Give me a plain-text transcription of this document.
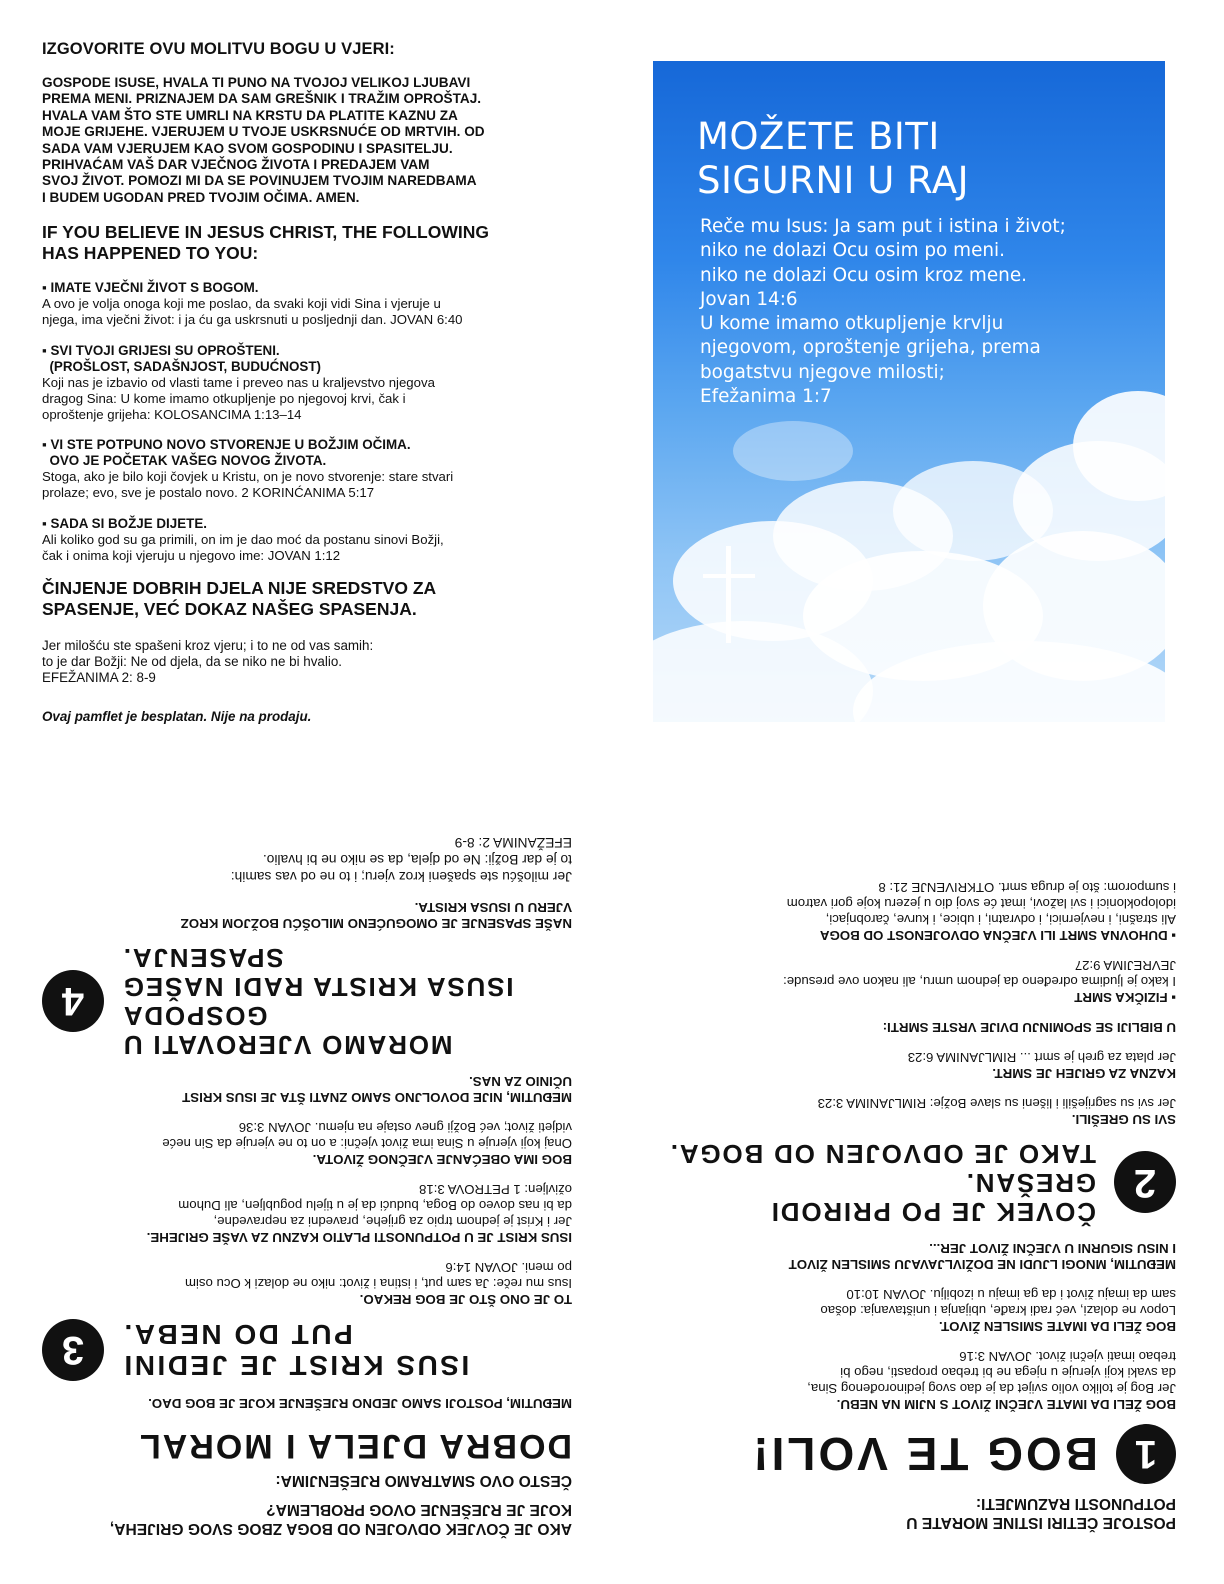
IZGOVORITE OVU MOLITVU BOGU U VJERI:
GOSPODE ISUSE, HVALA TI PUNO NA TVOJOJ VELIKOJ LJUBAVI
PREMA MENI. PRIZNAJEM DA SAM GREŠNIK I TRAŽIM OPROŠTAJ.
HVALA VAM ŠTO STE UMRLI NA KRSTU DA PLATITE KAZNU ZA
MOJE GRIJEHE. VJERUJEM U TVOJE USKRSNUĆE OD MRTVIH. OD
SADA VAM VJERUJEM KAO SVOM GOSPODINU I SPASITELJU.
PRIHVAĆAM VAŠ DAR VJEČNOG ŽIVOTA I PREDAJEM VAM
SVOJ ŽIVOT. POMOZI MI DA SE POVINUJEM TVOJIM NAREDBAMA
I BUDEM UGODAN PRED TVOJIM OČIMA. AMEN.
IF YOU BELIEVE IN JESUS CHRIST, THE FOLLOWING
HAS HAPPENED TO YOU:
▪ IMATE VJEČNI ŽIVOT S BOGOM.
A ovo je volja onoga koji me poslao, da svaki koji vidi Sina i vjeruje u
njega, ima vječni život: i ja ću ga uskrsnuti u posljednji dan. JOVAN 6:40
▪ SVI TVOJI GRIJESI SU OPROŠTENI.
(PROŠLOST, SADAŠNJOST, BUDUĆNOST)
Koji nas je izbavio od vlasti tame i preveo nas u kraljevstvo njegova
dragog Sina: U kome imamo otkupljenje po njegovoj krvi, čak i
oproštenje grijeha: KOLOSANCIMA 1:13–14
▪ VI STE POTPUNO NOVO STVORENJE U BOŽJIM OČIMA.
OVO JE POČETAK VAŠEG NOVOG ŽIVOTA.
Stoga, ako je bilo koji čovjek u Kristu, on je novo stvorenje: stare stvari
prolaze; evo, sve je postalo novo. 2 KORINĆANIMA 5:17
▪ SADA SI BOŽJE DIJETE.
Ali koliko god su ga primili, on im je dao moć da postanu sinovi Božji,
čak i onima koji vjeruju u njegovo ime: JOVAN 1:12
ČINJENJE DOBRIH DJELA NIJE SREDSTVO ZA
SPASENJE, VEĆ DOKAZ NAŠEG SPASENJA.
Jer milošću ste spašeni kroz vjeru; i to ne od vas samih:
to je dar Božji: Ne od djela, da se niko ne bi hvalio.
EFEŽANIMA 2: 8-9
Ovaj pamflet je besplatan. Nije na prodaju.
MOŽETE BITI
SIGURNI U RAJ
Reče mu Isus: Ja sam put i istina i život;
niko ne dolazi Ocu osim po meni.
niko ne dolazi Ocu osim kroz mene.
Jovan 14:6
U kome imamo otkupljenje krvlju
njegovom, oproštenje grijeha, prema
bogatstvu njegove milosti;
Efežanima 1:7
AKO JE ČOVJEK ODVOJEN OD BOGA ZBOG SVOG GRIJEHA,
KOJE JE RJEŠENJE OVOG PROBLEMA?
ČESTO OVO SMATRAMO RJEŠENJIMA:
DOBRA DJELA I MORAL
MEĐUTIM, POSTOJI SAMO JEDNO RJEŠENJE KOJE JE BOG DAO.
ISUS KRIST JE JEDINI
PUT DO NEBA.
3
TO JE ONO ŠTO JE BOG REKAO.
Isus mu reče: Ja sam put, i istina i život: niko ne dolazi k Ocu osim
po meni. JOVAN 14:6
ISUS KRIST JE U POTPUNOSTI PLATIO KAZNU ZA VAŠE GRIJEHE.
Jer i Krist je jednom trpio za grijehe, pravedni za nepravedne,
da bi nas doveo do Boga, budući da je u tijelu pogubljen, ali Duhom
oživljen: 1 PETROVA 3:18
BOG IMA OBEĆANJE VJEČNOG ŽIVOTA.
Onaj koji vjeruje u Sina ima život vječni: a on to ne vjeruje da Sin neće
vidjeti život; već Božji gnev ostaje na njemu. JOVAN 3:36
MEĐUTIM, NIJE DOVOLJNO SAMO ZNATI ŠTA JE ISUS KRIST
UČINIO ZA NAS.
MORAMO VJEROVATI U GOSPODA
ISUSA KRISTA RADI NAŠEG SPASENJA.
4
NAŠE SPASENJE JE OMOGUĆENO MILOŠĆU BOŽJOM KROZ
VJERU U ISUSA KRISTA.
Jer milošću ste spašeni kroz vjeru; i to ne od vas samih:
to je dar Božji: Ne od djela, da se niko ne bi hvalio.
EFEŽANIMA 2: 8-9
POSTOJE ČETIRI ISTINE MORATE U
POTPUNOSTI RAZUMJETI:
1
BOG TE VOLI!
BOG ŽELI DA IMATE VJEČNI ŽIVOT S NJIM NA NEBU.
Jer Bog je toliko volio svijet da je dao svog jedinorođenog Sina,
da svaki koji vjeruje u njega ne bi trebao propasti, nego bi
trebao imati vječni život. JOVAN 3:16
BOG ŽELI DA IMATE SMISLEN ŽIVOT.
Lopov ne dolazi, već radi krađe, ubijanja i uništavanja: došao
sam da imaju život i da ga imaju u izobilju. JOVAN 10:10
MEĐUTIM, MNOGI LJUDI NE DOŽIVLJAVAJU SMISLEN ŽIVOT
I NISU SIGURNI U VJEČNI ŽIVOT JER...
2
ČOVEK JE PO PRIRODI GREŠAN.
TAKO JE ODVOJEN OD BOGA.
SVI SU GREŠILI.
Jer svi su sagriješili i lišeni su slave Božje: RIMLJANIMA 3:23
KAZNA ZA GRIJEH JE SMRT.
Jer plata za greh je smrt ... RIMLJANIMA 6:23
U BIBLIJI SE SPOMINJU DVIJE VRSTE SMRTI:
▪ FIZIČKA SMRT
I kako je ljudima određeno da jednom umru, ali nakon ove presude:
JEVREJIMA 9:27
▪ DUHOVNA SMRT ILI VJEČNA ODVOJENOST OD BOGA
Ali strašni, i nevjernici, i odvratni, i ubice, i kurve, čarobnjaci,
idolopoklonici i svi lažovi, imat će svoj dio u jezeru koje gori vatrom
i sumporom: što je druga smrt. OTKRIVENJE 21: 8
